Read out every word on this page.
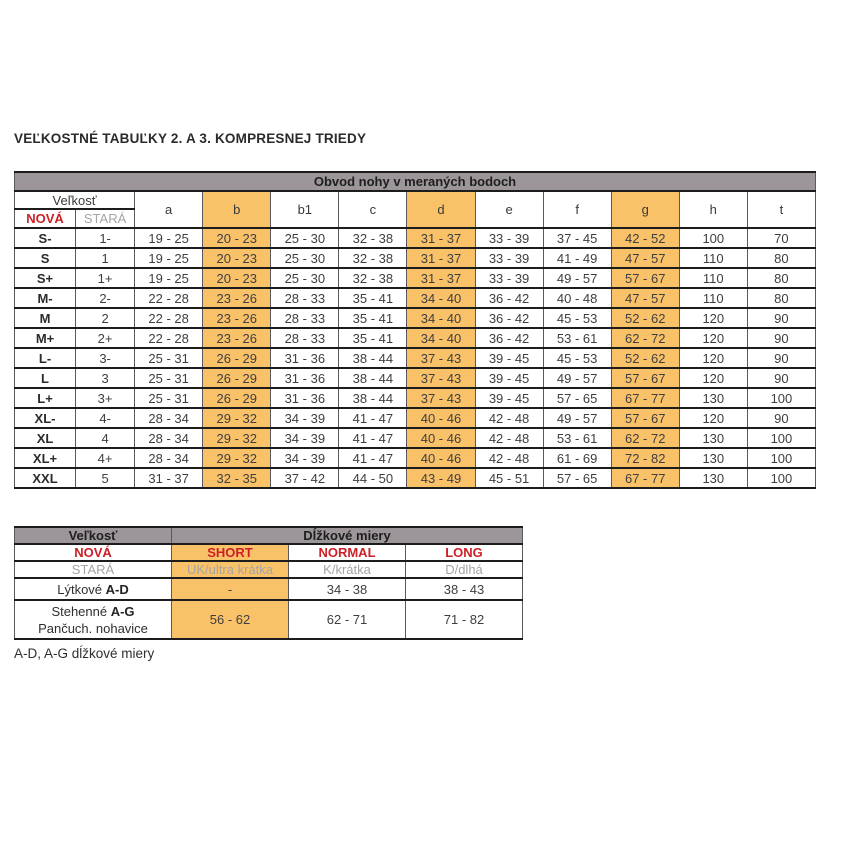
VEĽKOSTNÉ TABUĽKY 2. A 3. KOMPRESNEJ TRIEDY
Obvod nohy v meraných bodoch											
Veľkosť		a	b	b1	c	d	e	f	g	h	t
NOVÁ	STARÁ										
S-	1-	19 - 25	20 - 23	25 - 30	32 - 38	31 - 37	33 - 39	37 - 45	42 - 52	100	70
S	1	19 - 25	20 - 23	25 - 30	32 - 38	31 - 37	33 - 39	41 - 49	47 - 57	110	80
S+	1+	19 - 25	20 - 23	25 - 30	32 - 38	31 - 37	33 - 39	49 - 57	57 - 67	110	80
M-	2-	22 - 28	23 - 26	28 - 33	35 - 41	34 - 40	36 - 42	40 - 48	47 - 57	110	80
M	2	22 - 28	23 - 26	28 - 33	35 - 41	34 - 40	36 - 42	45 - 53	52 - 62	120	90
M+	2+	22 - 28	23 - 26	28 - 33	35 - 41	34 - 40	36 - 42	53 - 61	62 - 72	120	90
L-	3-	25 - 31	26 - 29	31 - 36	38 - 44	37 - 43	39 - 45	45 - 53	52 - 62	120	90
L	3	25 - 31	26 - 29	31 - 36	38 - 44	37 - 43	39 - 45	49 - 57	57 - 67	120	90
L+	3+	25 - 31	26 - 29	31 - 36	38 - 44	37 - 43	39 - 45	57 - 65	67 - 77	130	100
XL-	4-	28 - 34	29 - 32	34 - 39	41 - 47	40 - 46	42 - 48	49 - 57	57 - 67	120	90
XL	4	28 - 34	29 - 32	34 - 39	41 - 47	40 - 46	42 - 48	53 - 61	62 - 72	130	100
XL+	4+	28 - 34	29 - 32	34 - 39	41 - 47	40 - 46	42 - 48	61 - 69	72 - 82	130	100
XXL	5	31 - 37	32 - 35	37 - 42	44 - 50	43 - 49	45 - 51	57 - 65	67 - 77	130	100
Veľkosť	Dĺžkové miery		
NOVÁ	SHORT	NORMAL	LONG
STARÁ	UK/ultra krátka	K/krátka	D/dlhá
Lýtkové A-D	-	34 - 38	38 - 43
Stehenné A-G
Pančuch. nohavice	56 - 62	62 - 71	71 - 82
A-D, A-G dĺžkové miery
